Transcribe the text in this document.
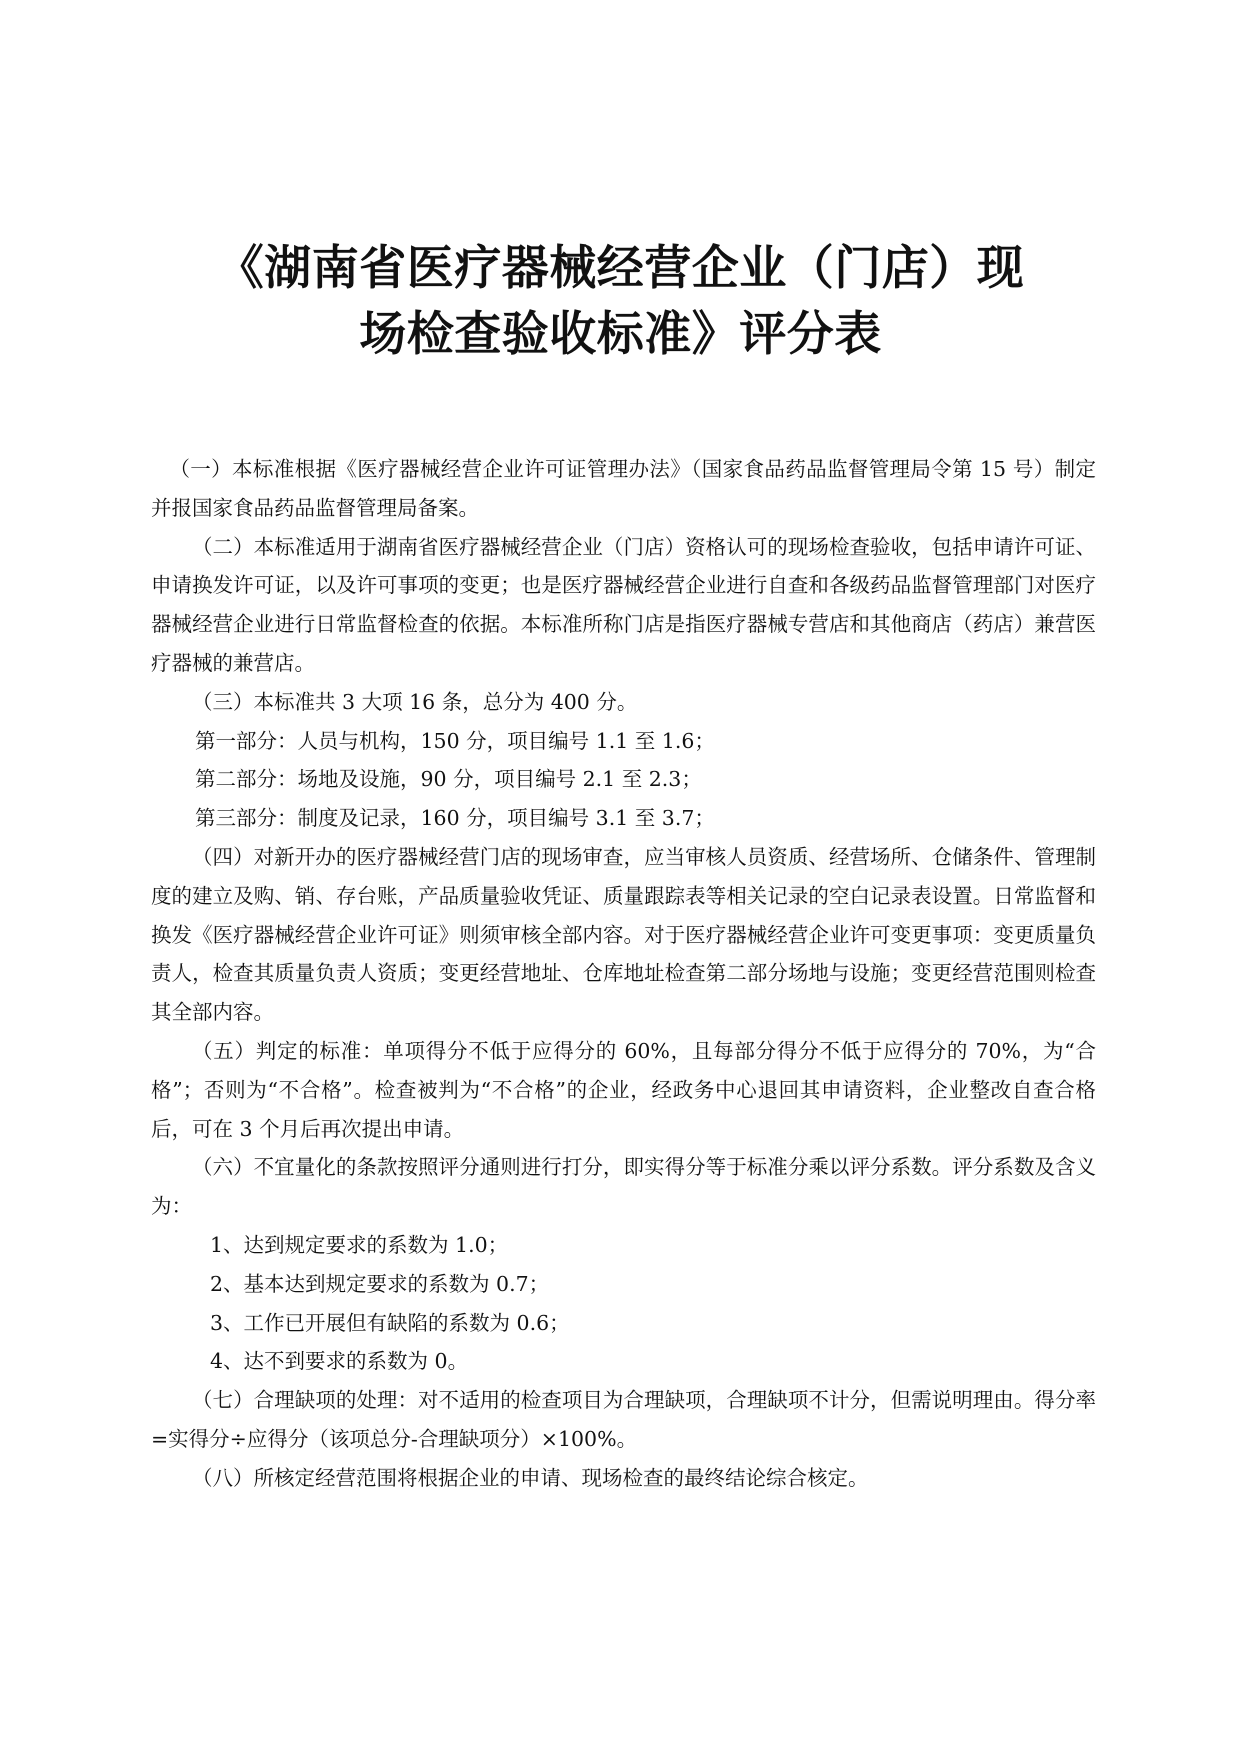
《湖南省医疗器械经营企业（门店）现
场检查验收标准》评分表

（一）本标准根据《医疗器械经营企业许可证管理办法》（国家食品药品监督管理局令第 15 号）制定并报国家食品药品监督管理局备案。

（二）本标准适用于湖南省医疗器械经营企业（门店）资格认可的现场检查验收，包括申请许可证、申请换发许可证，以及许可事项的变更；也是医疗器械经营企业进行自查和各级药品监督管理部门对医疗器械经营企业进行日常监督检查的依据。本标准所称门店是指医疗器械专营店和其他商店（药店）兼营医疗器械的兼营店。

（三）本标准共 3 大项 16 条，总分为 400 分。

第一部分：人员与机构，150 分，项目编号 1.1 至 1.6；

第二部分：场地及设施，90 分，项目编号 2.1 至 2.3；

第三部分：制度及记录，160 分，项目编号 3.1 至 3.7；

（四）对新开办的医疗器械经营门店的现场审查，应当审核人员资质、经营场所、仓储条件、管理制度的建立及购、销、存台账，产品质量验收凭证、质量跟踪表等相关记录的空白记录表设置。日常监督和换发《医疗器械经营企业许可证》则须审核全部内容。对于医疗器械经营企业许可变更事项：变更质量负责人，检查其质量负责人资质；变更经营地址、仓库地址检查第二部分场地与设施；变更经营范围则检查其全部内容。

（五）判定的标准：单项得分不低于应得分的 60%，且每部分得分不低于应得分的 70%，为“合格”；否则为“不合格”。检查被判为“不合格”的企业，经政务中心退回其申请资料，企业整改自查合格后，可在 3 个月后再次提出申请。

（六）不宜量化的条款按照评分通则进行打分，即实得分等于标准分乘以评分系数。评分系数及含义为：

1、达到规定要求的系数为 1.0；

2、基本达到规定要求的系数为 0.7；

3、工作已开展但有缺陷的系数为 0.6；

4、达不到要求的系数为 0。

（七）合理缺项的处理：对不适用的检查项目为合理缺项，合理缺项不计分，但需说明理由。得分率=实得分÷应得分（该项总分-合理缺项分）×100%。

（八）所核定经营范围将根据企业的申请、现场检查的最终结论综合核定。
